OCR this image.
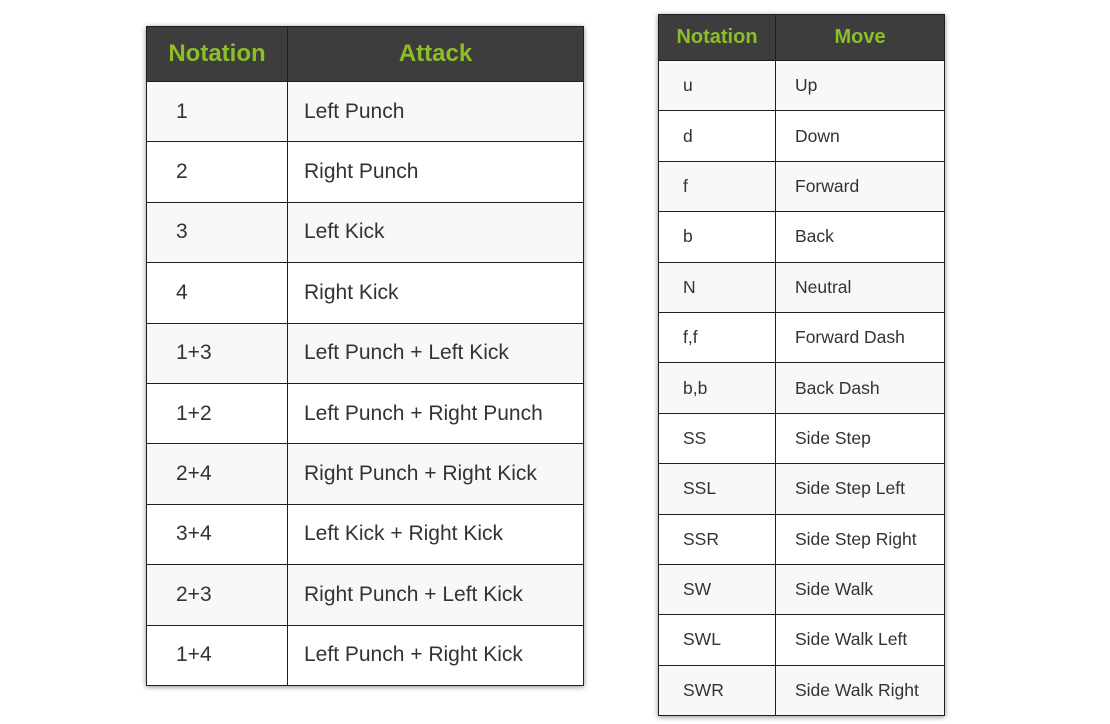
Notation	Attack
1	Left Punch
2	Right Punch
3	Left Kick
4	Right Kick
1+3	Left Punch + Left Kick
1+2	Left Punch + Right Punch
2+4	Right Punch + Right Kick
3+4	Left Kick + Right Kick
2+3	Right Punch + Left Kick
1+4	Left Punch + Right Kick
Notation	Move
u	Up
d	Down
f	Forward
b	Back
N	Neutral
f,f	Forward Dash
b,b	Back Dash
SS	Side Step
SSL	Side Step Left
SSR	Side Step Right
SW	Side Walk
SWL	Side Walk Left
SWR	Side Walk Right
